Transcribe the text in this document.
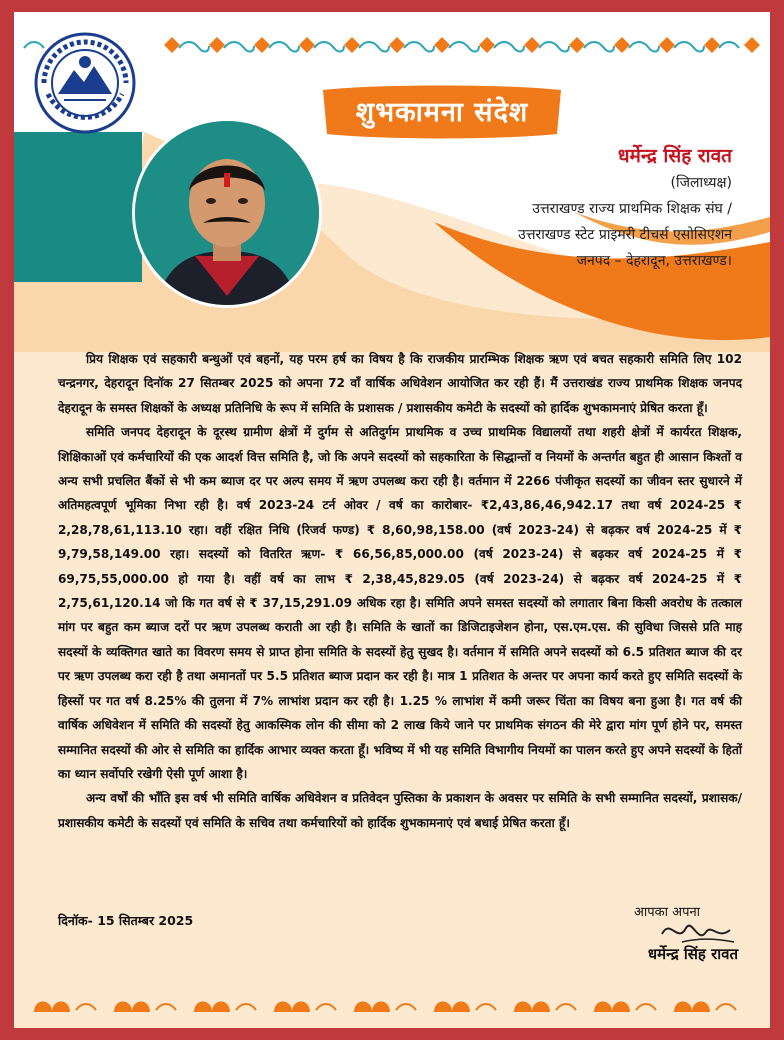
शुभकामना संदेश
धर्मेन्द्र सिंह रावत
(जिलाध्यक्ष)
उत्तराखण्ड राज्य प्राथमिक शिक्षक संघ /
उत्तराखण्ड स्टेट प्राइमरी टीचर्स एसोसिएशन
जनपद – देहरादून, उत्तराखण्ड।

प्रिय शिक्षक एवं सहकारी बन्धुओं एवं बहनों, यह परम हर्ष का विषय है कि राजकीय प्रारम्भिक शिक्षक ऋण एवं बचत सहकारी समिति लिए 102 चन्द्रनगर, देहरादून दिनॉक 27 सितम्बर 2025 को अपना 72 वाँ वार्षिक अधिवेशन आयोजित कर रही हैं। मैं उत्तराखंड राज्य प्राथमिक शिक्षक जनपद देहरादून के समस्त शिक्षकों के अध्यक्ष प्रतिनिधि के रूप में समिति के प्रशासक / प्रशासकीय कमेटी के सदस्यों को हार्दिक शुभकामनाएं प्रेषित करता हूँ।

समिति जनपद देहरादून के दूरस्थ ग्रामीण क्षेत्रों में दुर्गम से अतिदुर्गम प्राथमिक व उच्च प्राथमिक विद्यालयों तथा शहरी क्षेत्रों में कार्यरत शिक्षक, शिक्षिकाओं एवं कर्मचारियों की एक आदर्श वित्त समिति है, जो कि अपने सदस्यों को सहकारिता के सिद्धान्तों व नियमों के अन्तर्गत बहुत ही आसान किश्तों व अन्य सभी प्रचलित बैंकों से भी कम ब्याज दर पर अल्प समय में ऋण उपलब्ध करा रही है। वर्तमान में 2266 पंजीकृत सदस्यों का जीवन स्तर सुधारने में अतिमहत्वपूर्ण भूमिका निभा रही है। वर्ष 2023-24 टर्न ओवर / वर्ष का कारोबार- ₹2,43,86,46,942.17 तथा वर्ष 2024-25 ₹ 2,28,78,61,113.10 रहा। वहीं रक्षित निधि (रिजर्व फण्ड) ₹ 8,60,98,158.00 (वर्ष 2023-24) से बढ़कर वर्ष 2024-25 में ₹ 9,79,58,149.00 रहा। सदस्यों को वितरित ऋण- ₹ 66,56,85,000.00 (वर्ष 2023-24) से बढ़कर वर्ष 2024-25 में ₹ 69,75,55,000.00 हो गया है। वहीं वर्ष का लाभ ₹ 2,38,45,829.05 (वर्ष 2023-24) से बढ़कर वर्ष 2024-25 में ₹ 2,75,61,120.14 जो कि गत वर्ष से ₹ 37,15,291.09 अधिक रहा है। समिति अपने समस्त सदस्यों को लगातार बिना किसी अवरोध के तत्काल मांग पर बहुत कम ब्याज दरों पर ऋण उपलब्ध कराती आ रही है। समिति के खातों का डिजिटाइजेशन होना, एस.एम.एस. की सुविधा जिससे प्रति माह सदस्यों के व्यक्तिगत खाते का विवरण समय से प्राप्त होना समिति के सदस्यों हेतु सुखद है। वर्तमान में समिति अपने सदस्यों को 6.5 प्रतिशत ब्याज की दर पर ऋण उपलब्ध करा रही है तथा अमानतों पर 5.5 प्रतिशत ब्याज प्रदान कर रही है। मात्र 1 प्रतिशत के अन्तर पर अपना कार्य करते हुए समिति सदस्यों के हिस्सों पर गत वर्ष 8.25% की तुलना में 7% लाभांश प्रदान कर रही है। 1.25 % लाभांश में कमी जरूर चिंता का विषय बना हुआ है। गत वर्ष की वार्षिक अधिवेशन में समिति की सदस्यों हेतु आकस्मिक लोन की सीमा को 2 लाख किये जाने पर प्राथमिक संगठन की मेरे द्वारा मांग पूर्ण होने पर, समस्त सम्मानित सदस्यों की ओर से समिति का हार्दिक आभार व्यक्त करता हूँ। भविष्य में भी यह समिति विभागीय नियमों का पालन करते हुए अपने सदस्यों के हितों का ध्यान सर्वोपरि रखेगी ऐसी पूर्ण आशा है।

अन्य वर्षों की भाँति इस वर्ष भी समिति वार्षिक अधिवेशन व प्रतिवेदन पुस्तिका के प्रकाशन के अवसर पर समिति के सभी सम्मानित सदस्यों, प्रशासक/प्रशासकीय कमेटी के सदस्यों एवं समिति के सचिव तथा कर्मचारियों को हार्दिक शुभकामनाएं एवं बधाई प्रेषित करता हूँ।

दिनॉक- 15 सितम्बर 2025
आपका अपना
धर्मेन्द्र सिंह रावत
